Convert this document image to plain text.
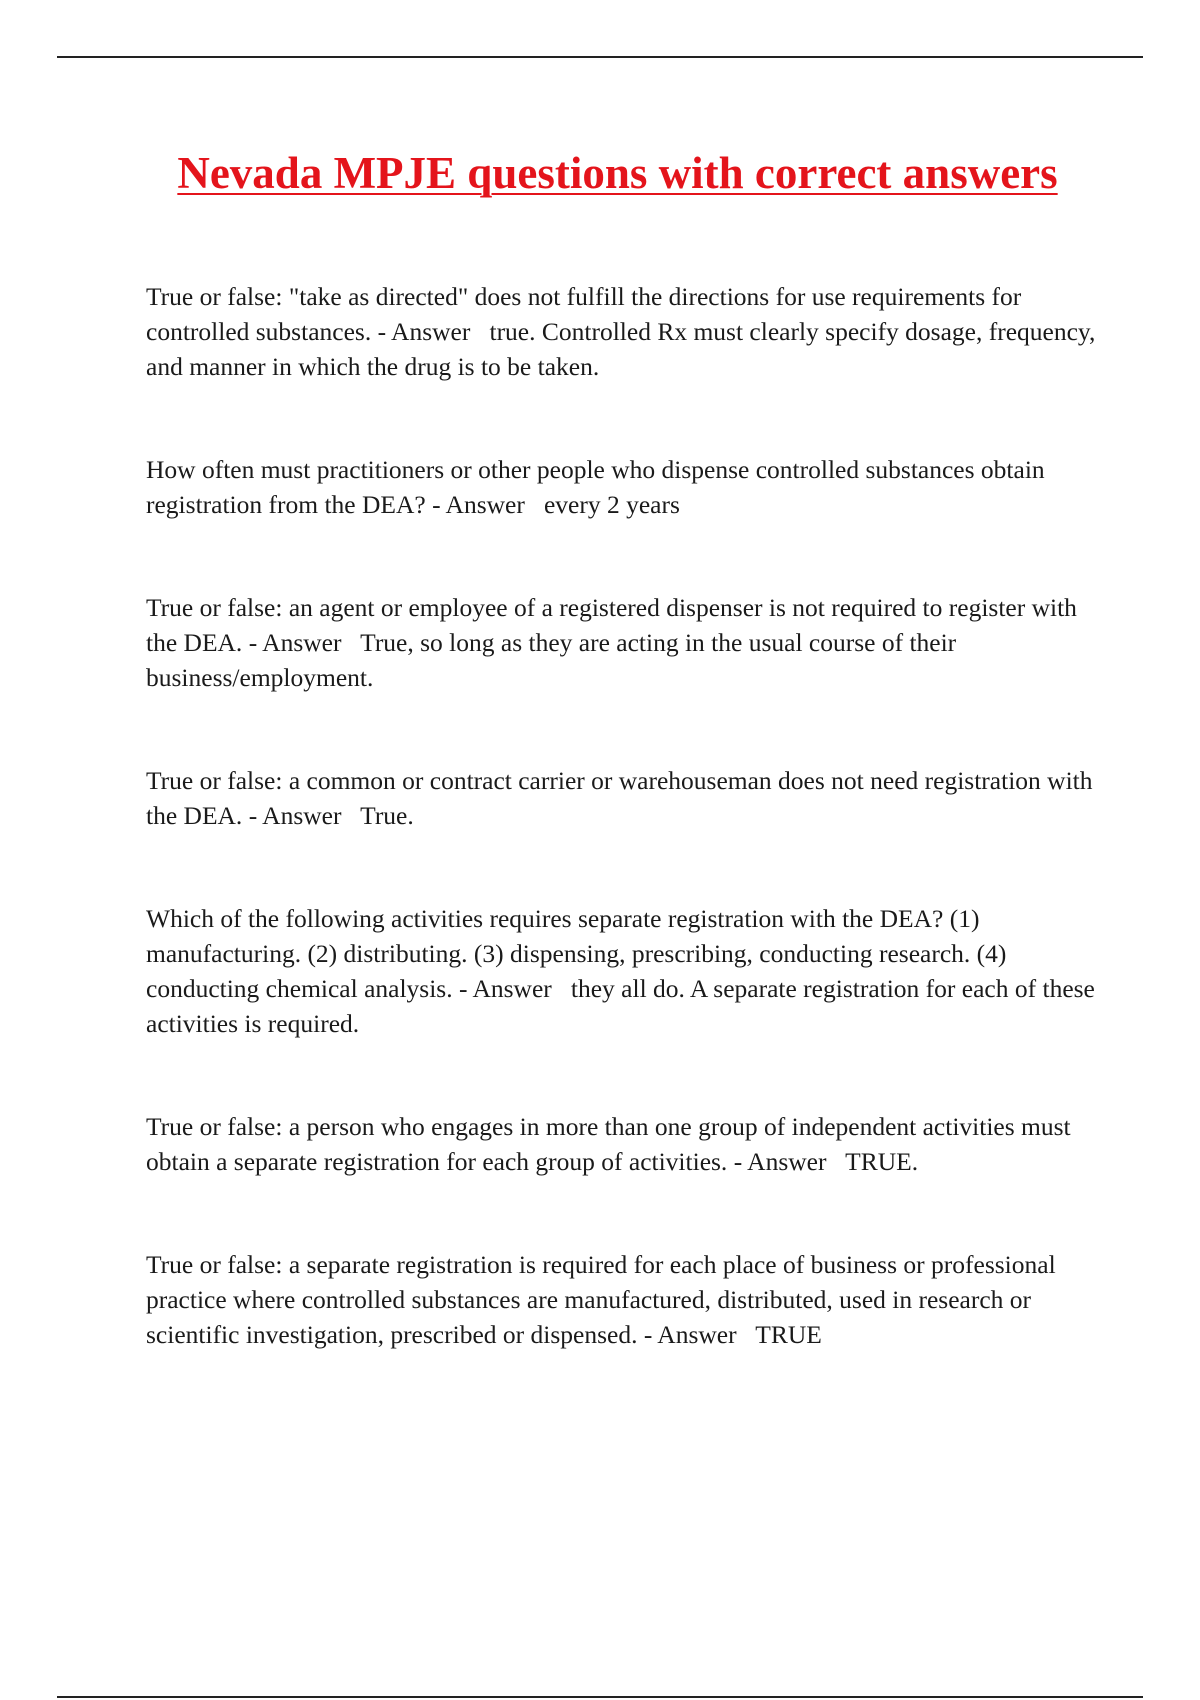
Nevada MPJE questions with correct answers

True or false: "take as directed" does not fulfill the directions for use requirements for controlled substances. - Answer   true. Controlled Rx must clearly specify dosage, frequency, and manner in which the drug is to be taken.

How often must practitioners or other people who dispense controlled substances obtain registration from the DEA? - Answer   every 2 years

True or false: an agent or employee of a registered dispenser is not required to register with the DEA. - Answer   True, so long as they are acting in the usual course of their business/employment.

True or false: a common or contract carrier or warehouseman does not need registration with the DEA. - Answer   True.

Which of the following activities requires separate registration with the DEA? (1) manufacturing. (2) distributing. (3) dispensing, prescribing, conducting research. (4) conducting chemical analysis. - Answer   they all do. A separate registration for each of these activities is required.

True or false: a person who engages in more than one group of independent activities must obtain a separate registration for each group of activities. - Answer   TRUE.

True or false: a separate registration is required for each place of business or professional practice where controlled substances are manufactured, distributed, used in research or scientific investigation, prescribed or dispensed. - Answer   TRUE
